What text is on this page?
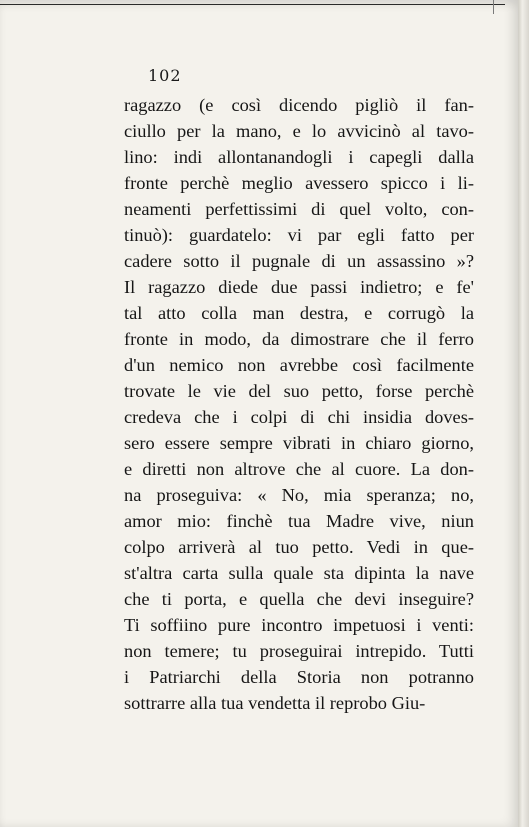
102
ragazzo (e così dicendo pigliò il fan-
ciullo per la mano, e lo avvicinò al tavo-
lino: indi allontanandogli i capegli dalla
fronte perchè meglio avessero spicco i li-
neamenti perfettissimi di quel volto, con-
tinuò): guardatelo: vi par egli fatto per
cadere sotto il pugnale di un assassino »?
Il ragazzo diede due passi indietro; e fe'
tal atto colla man destra, e corrugò la
fronte in modo, da dimostrare che il ferro
d'un nemico non avrebbe così facilmente
trovate le vie del suo petto, forse perchè
credeva che i colpi di chi insidia doves-
sero essere sempre vibrati in chiaro giorno,
e diretti non altrove che al cuore. La don-
na proseguiva: « No, mia speranza; no,
amor mio: finchè tua Madre vive, niun
colpo arriverà al tuo petto. Vedi in que-
st'altra carta sulla quale sta dipinta la nave
che ti porta, e quella che devi inseguire?
Ti soffiino pure incontro impetuosi i venti:
non temere; tu proseguirai intrepido. Tutti
i Patriarchi della Storia non potranno
sottrarre alla tua vendetta il reprobo Giu-
